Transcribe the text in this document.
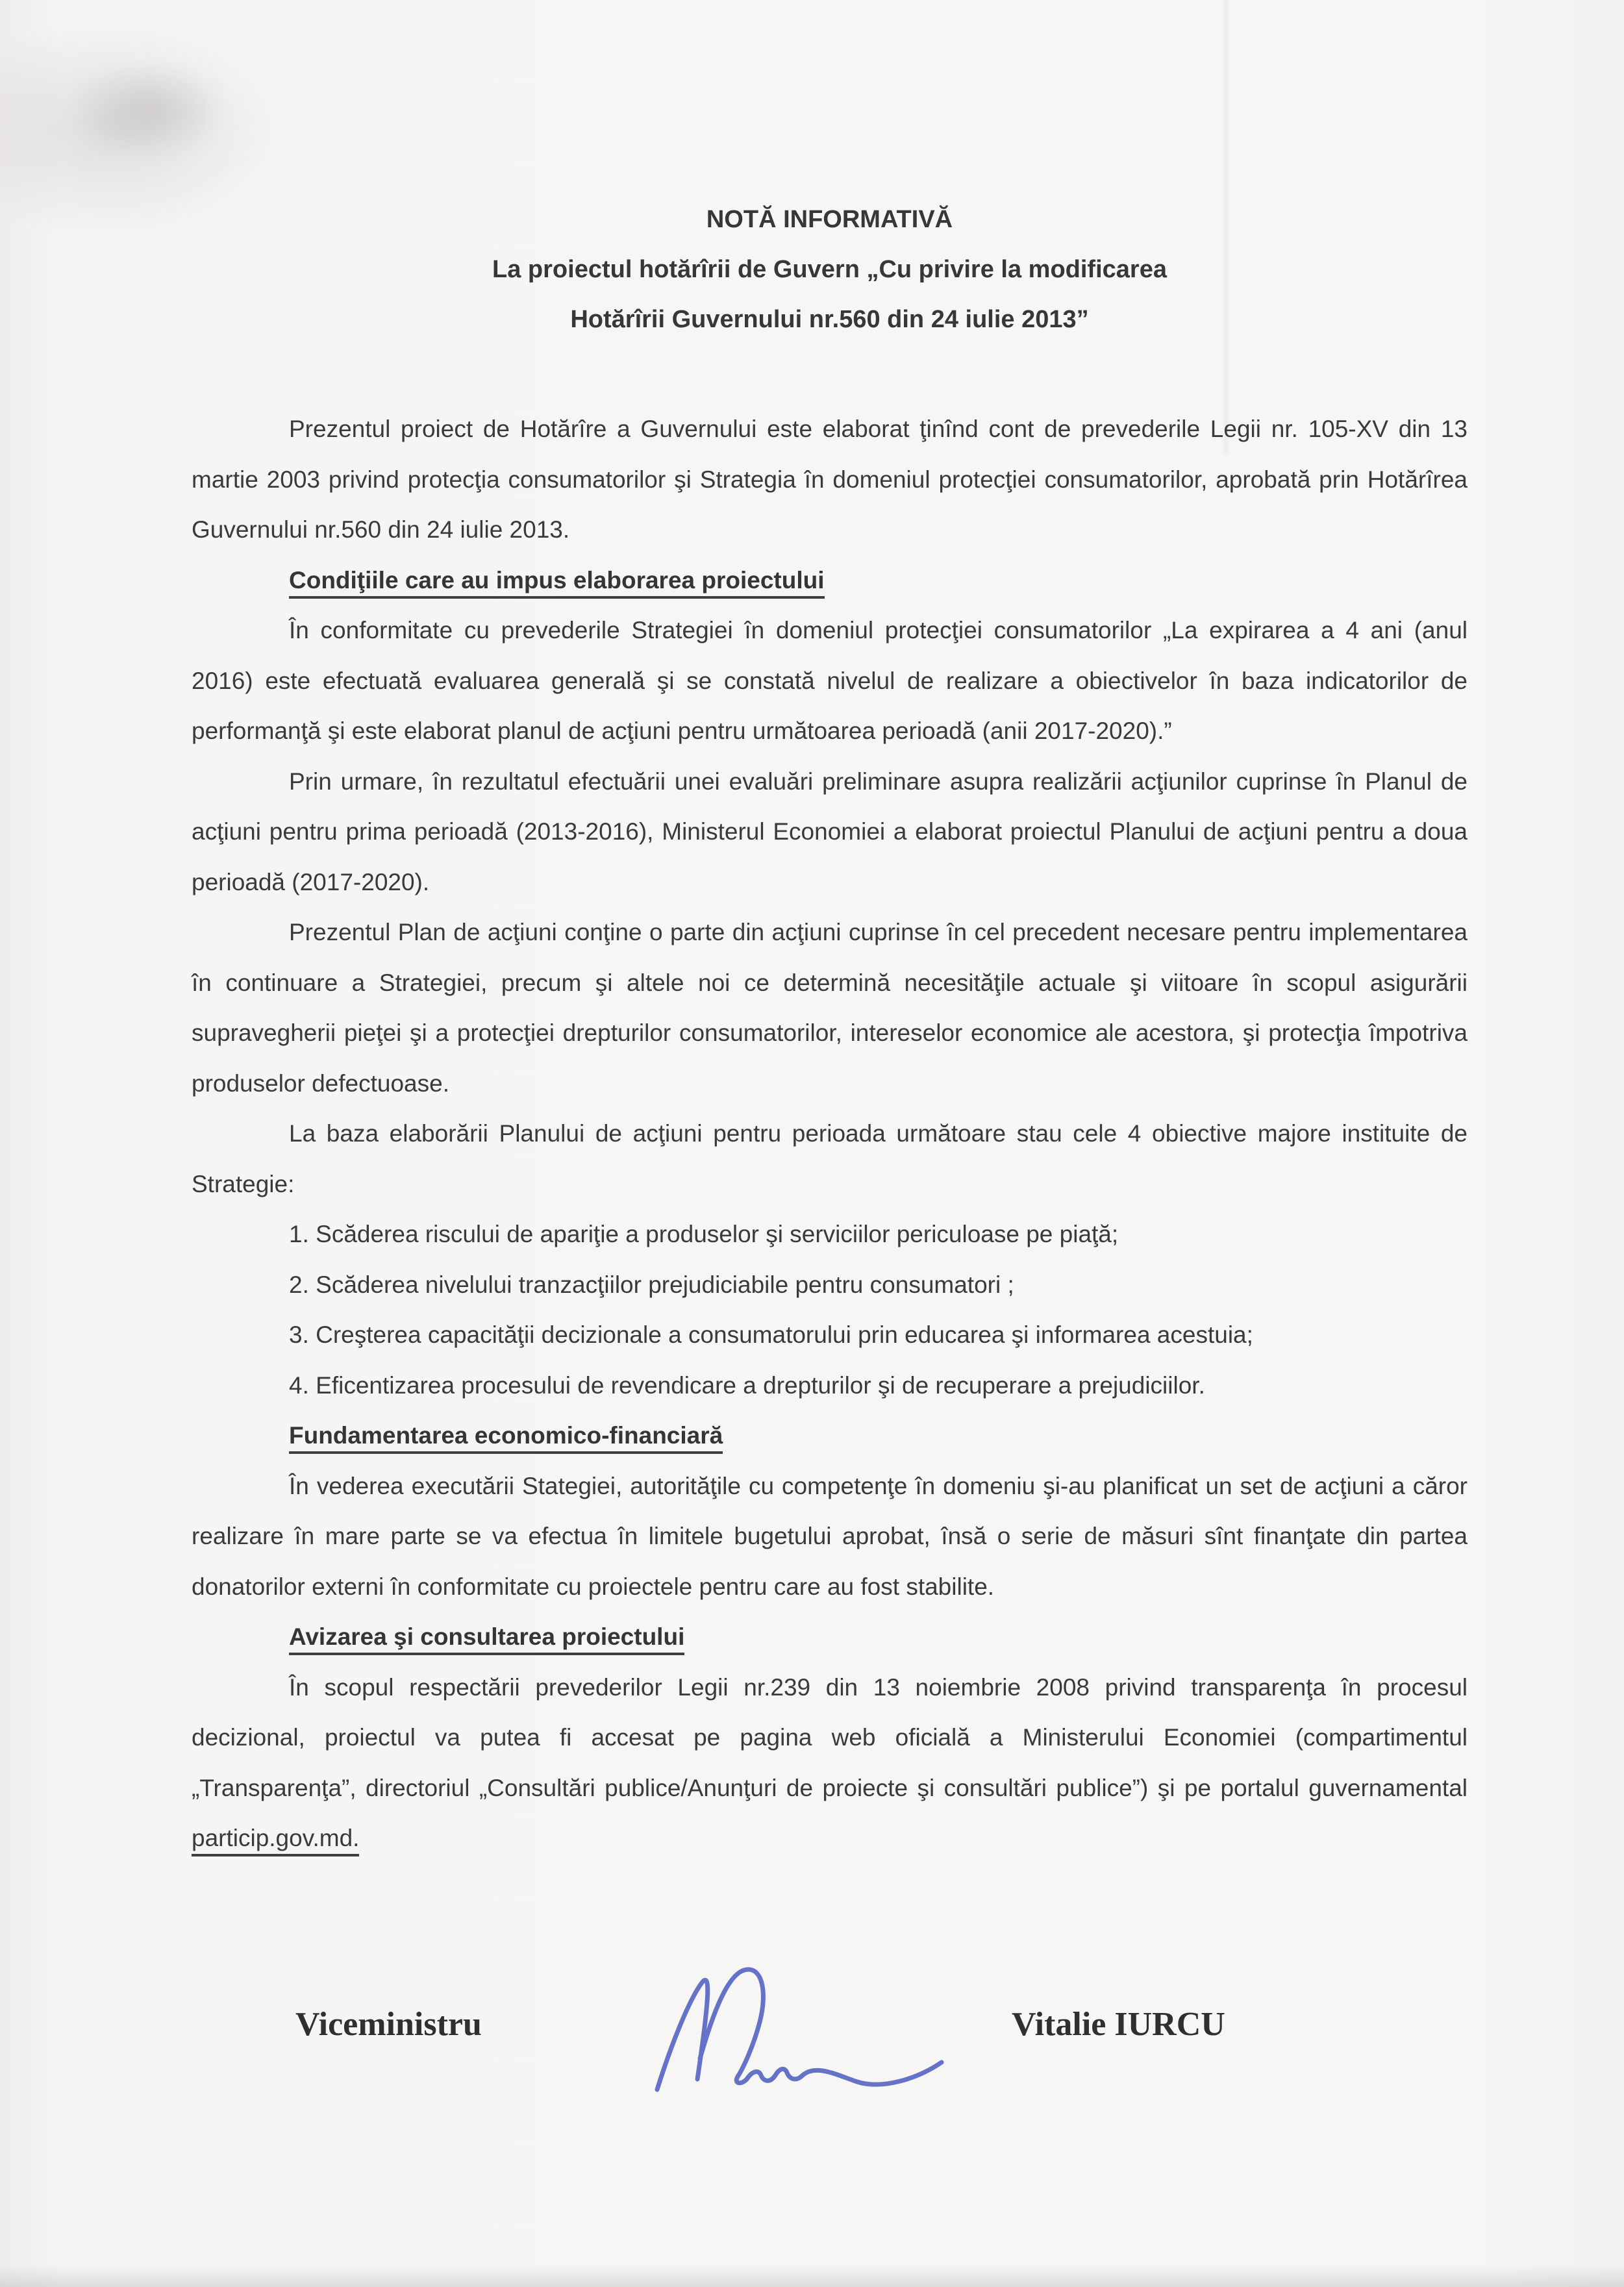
NOTĂ INFORMATIVĂ
La proiectul hotărîrii de Guvern „Cu privire la modificarea
Hotărîrii Guvernului nr.560 din 24 iulie 2013”

Prezentul proiect de Hotărîre a Guvernului este elaborat ţinînd cont de prevederile Legii nr. 105-XV din 13 martie 2003 privind protecţia consumatorilor şi Strategia în domeniul protecţiei consumatorilor, aprobată prin Hotărîrea Guvernului nr.560 din 24 iulie 2013.

Condiţiile care au impus elaborarea proiectului

În conformitate cu prevederile Strategiei în domeniul protecţiei consumatorilor „La expirarea a 4 ani (anul 2016) este efectuată evaluarea generală şi se constată nivelul de realizare a obiectivelor în baza indicatorilor de performanţă şi este elaborat planul de acţiuni pentru următoarea perioadă (anii 2017-2020).”

Prin urmare, în rezultatul efectuării unei evaluări preliminare asupra realizării acţiunilor cuprinse în Planul de acţiuni pentru prima perioadă (2013-2016), Ministerul Economiei a elaborat proiectul Planului de acţiuni pentru a doua perioadă (2017-2020).

Prezentul Plan de acţiuni conţine o parte din acţiuni cuprinse în cel precedent necesare pentru implementarea în continuare a Strategiei, precum şi altele noi ce determină necesităţile actuale şi viitoare în scopul asigurării supravegherii pieţei şi a protecţiei drepturilor consumatorilor, intereselor economice ale acestora, şi protecţia împotriva produselor defectuoase.

La baza elaborării Planului de acţiuni pentru perioada următoare stau cele 4 obiective majore instituite de Strategie:

1. Scăderea riscului de apariţie a produselor şi serviciilor periculoase pe piaţă;
2. Scăderea nivelului tranzacţiilor prejudiciabile pentru consumatori ;
3. Creşterea capacităţii decizionale a consumatorului prin educarea şi informarea acestuia;
4. Eficentizarea procesului de revendicare a drepturilor şi de recuperare a prejudiciilor.
Fundamentarea economico-financiară

În vederea executării Stategiei, autorităţile cu competenţe în domeniu şi-au planificat un set de acţiuni a căror realizare în mare parte se va efectua în limitele bugetului aprobat, însă o serie de măsuri sînt finanţate din partea donatorilor externi în conformitate cu proiectele pentru care au fost stabilite.

Avizarea şi consultarea proiectului

În scopul respectării prevederilor Legii nr.239 din 13 noiembrie 2008 privind transparenţa în procesul decizional, proiectul va putea fi accesat pe pagina web oficială a Ministerului Economiei (compartimentul „Transparenţa”, directoriul „Consultări publice/Anunţuri de proiecte şi consultări publice”) şi pe portalul guvernamental

particip.gov.md.
Viceministru	Vitalie IURCU
